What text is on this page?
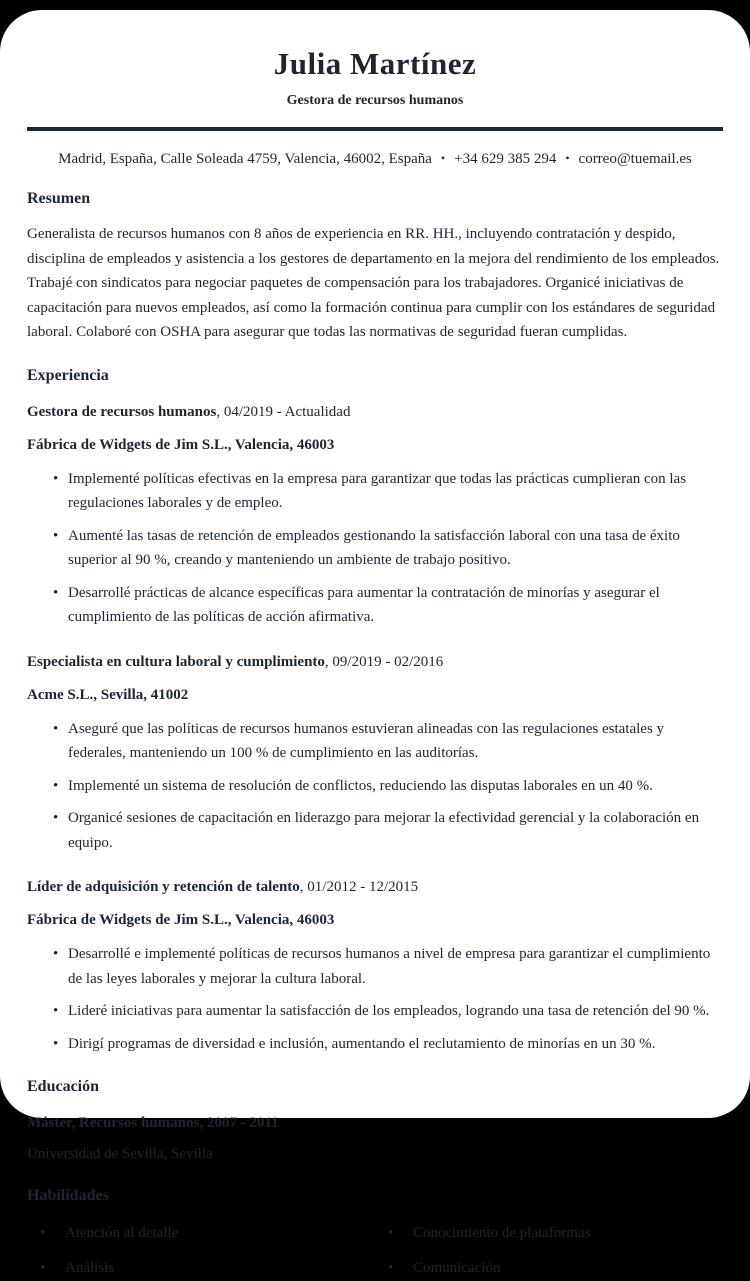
Julia Martínez
Gestora de recursos humanos
Madrid, España, Calle Soleada 4759, Valencia, 46002, España • +34 629 385 294 • correo@tuemail.es
Resumen

Generalista de recursos humanos con 8 años de experiencia en RR. HH., incluyendo contratación y despido, disciplina de empleados y asistencia a los gestores de departamento en la mejora del rendimiento de los empleados. Trabajé con sindicatos para negociar paquetes de compensación para los trabajadores. Organicé iniciativas de capacitación para nuevos empleados, así como la formación continua para cumplir con los estándares de seguridad laboral. Colaboré con OSHA para asegurar que todas las normativas de seguridad fueran cumplidas.

Experiencia
Gestora de recursos humanos, 04/2019 - Actualidad
Fábrica de Widgets de Jim S.L., Valencia, 46003
• Implementé políticas efectivas en la empresa para garantizar que todas las prácticas cumplieran con las regulaciones laborales y de empleo.
• Aumenté las tasas de retención de empleados gestionando la satisfacción laboral con una tasa de éxito superior al 90 %, creando y manteniendo un ambiente de trabajo positivo.
• Desarrollé prácticas de alcance específicas para aumentar la contratación de minorías y asegurar el cumplimiento de las políticas de acción afirmativa.
Especialista en cultura laboral y cumplimiento, 09/2019 - 02/2016
Acme S.L., Sevilla, 41002
• Aseguré que las políticas de recursos humanos estuvieran alineadas con las regulaciones estatales y federales, manteniendo un 100 % de cumplimiento en las auditorías.
• Implementé un sistema de resolución de conflictos, reduciendo las disputas laborales en un 40 %.
• Organicé sesiones de capacitación en liderazgo para mejorar la efectividad gerencial y la colaboración en equipo.
Líder de adquisición y retención de talento, 01/2012 - 12/2015
Fábrica de Widgets de Jim S.L., Valencia, 46003
• Desarrollé e implementé políticas de recursos humanos a nivel de empresa para garantizar el cumplimiento de las leyes laborales y mejorar la cultura laboral.
• Lideré iniciativas para aumentar la satisfacción de los empleados, logrando una tasa de retención del 90 %.
• Dirigí programas de diversidad e inclusión, aumentando el reclutamiento de minorías en un 30 %.
Educación
Máster, Recursos humanos, 2007 - 2011
Universidad de Sevilla, Sevilla
Habilidades
• Atención al detalle
• Análisis
• Conocimiento de plataformas
• Comunicación
